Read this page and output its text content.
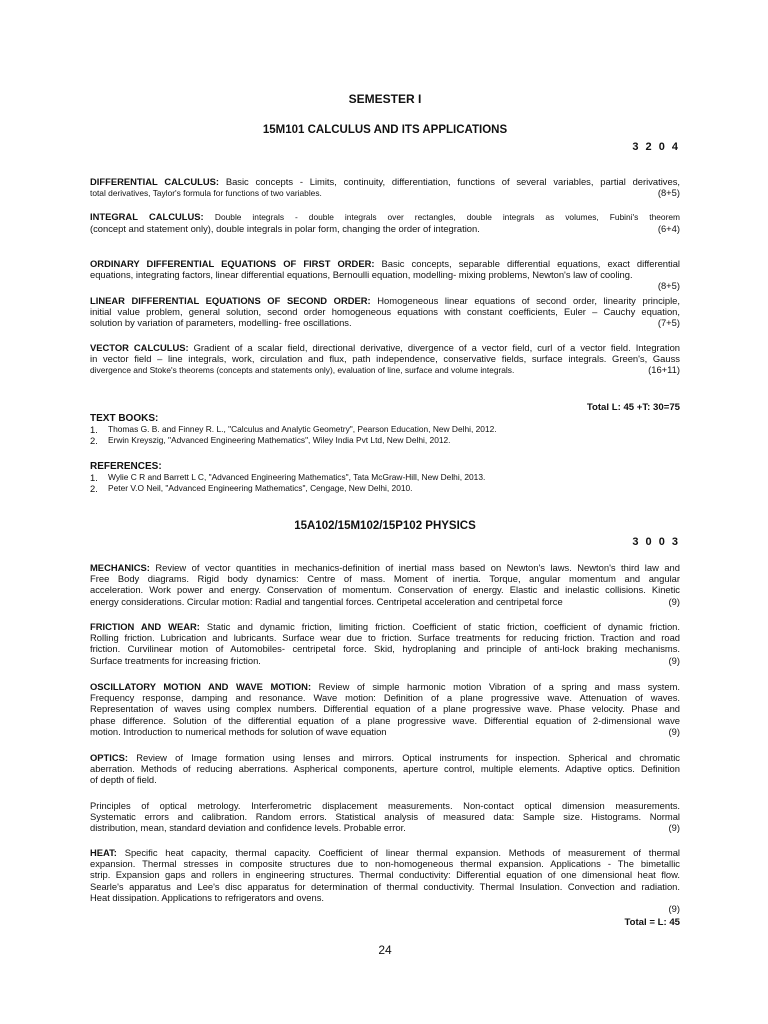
SEMESTER I
15M101 CALCULUS AND ITS APPLICATIONS
3 2 0 4
DIFFERENTIAL CALCULUS: Basic concepts - Limits, continuity, differentiation, functions of several variables, partial derivatives,
total derivatives, Taylor's formula for functions of two variables.	(8+5)
INTEGRAL CALCULUS: Double integrals - double integrals over rectangles, double integrals as volumes, Fubini's theorem
(concept and statement only), double integrals in polar form, changing the order of integration.	(6+4)
ORDINARY DIFFERENTIAL EQUATIONS OF FIRST ORDER: Basic concepts, separable differential equations, exact differential
equations, integrating factors, linear differential equations, Bernoulli equation, modelling- mixing problems, Newton's law of cooling.
(8+5)
LINEAR DIFFERENTIAL EQUATIONS OF SECOND ORDER: Homogeneous linear equations of second order, linearity principle,
initial value problem, general solution, second order homogeneous equations with constant coefficients, Euler – Cauchy equation,
solution by variation of parameters, modelling- free oscillations.	(7+5)
VECTOR CALCULUS: Gradient of a scalar field, directional derivative, divergence of a vector field, curl of a vector field. Integration
in vector field – line integrals, work, circulation and flux, path independence, conservative fields, surface integrals. Green's, Gauss
divergence and Stoke's theorems (concepts and statements only), evaluation of line, surface and volume integrals.	(16+11)
Total L: 45 +T: 30=75
TEXT BOOKS:
1.	Thomas G. B. and Finney R. L., "Calculus and Analytic Geometry", Pearson Education, New Delhi, 2012.
2.	Erwin Kreyszig, "Advanced Engineering Mathematics", Wiley India Pvt Ltd, New Delhi, 2012.
REFERENCES:
1.	Wylie C R and Barrett L C, "Advanced Engineering Mathematics", Tata McGraw-Hill, New Delhi, 2013.
2.	Peter V.O Neil, "Advanced Engineering Mathematics", Cengage, New Delhi, 2010.
15A102/15M102/15P102 PHYSICS
3 0 0 3
MECHANICS: Review of vector quantities in mechanics-definition of inertial mass based on Newton's laws. Newton's third law and
Free Body diagrams. Rigid body dynamics: Centre of mass. Moment of inertia. Torque, angular momentum and angular
acceleration. Work power and energy. Conservation of momentum. Conservation of energy. Elastic and inelastic collisions. Kinetic
energy considerations. Circular motion: Radial and tangential forces. Centripetal acceleration and centripetal force	(9)
FRICTION AND WEAR: Static and dynamic friction, limiting friction. Coefficient of static friction, coefficient of dynamic friction.
Rolling friction. Lubrication and lubricants. Surface wear due to friction. Surface treatments for reducing friction. Traction and road
friction. Curvilinear motion of Automobiles- centripetal force. Skid, hydroplaning and principle of anti-lock braking mechanisms.
Surface treatments for increasing friction.	(9)
OSCILLATORY MOTION AND WAVE MOTION: Review of simple harmonic motion Vibration of a spring and mass system.
Frequency response, damping and resonance. Wave motion: Definition of a plane progressive wave. Attenuation of waves.
Representation of waves using complex numbers. Differential equation of a plane progressive wave. Phase velocity. Phase and
phase difference. Solution of the differential equation of a plane progressive wave. Differential equation of 2-dimensional wave
motion. Introduction to numerical methods for solution of wave equation	(9)
OPTICS: Review of Image formation using lenses and mirrors. Optical instruments for inspection. Spherical and chromatic
aberration. Methods of reducing aberrations. Aspherical components, aperture control, multiple elements. Adaptive optics. Definition
of depth of field.
Principles of optical metrology. Interferometric displacement measurements. Non-contact optical dimension measurements.
Systematic errors and calibration. Random errors. Statistical analysis of measured data: Sample size. Histograms. Normal
distribution, mean, standard deviation and confidence levels. Probable error.	(9)
HEAT: Specific heat capacity, thermal capacity. Coefficient of linear thermal expansion. Methods of measurement of thermal
expansion. Thermal stresses in composite structures due to non-homogeneous thermal expansion. Applications - The bimetallic
strip. Expansion gaps and rollers in engineering structures. Thermal conductivity: Differential equation of one dimensional heat flow.
Searle's apparatus and Lee's disc apparatus for determination of thermal conductivity. Thermal Insulation. Convection and radiation.
Heat dissipation. Applications to refrigerators and ovens.
(9)
Total = L: 45
24
